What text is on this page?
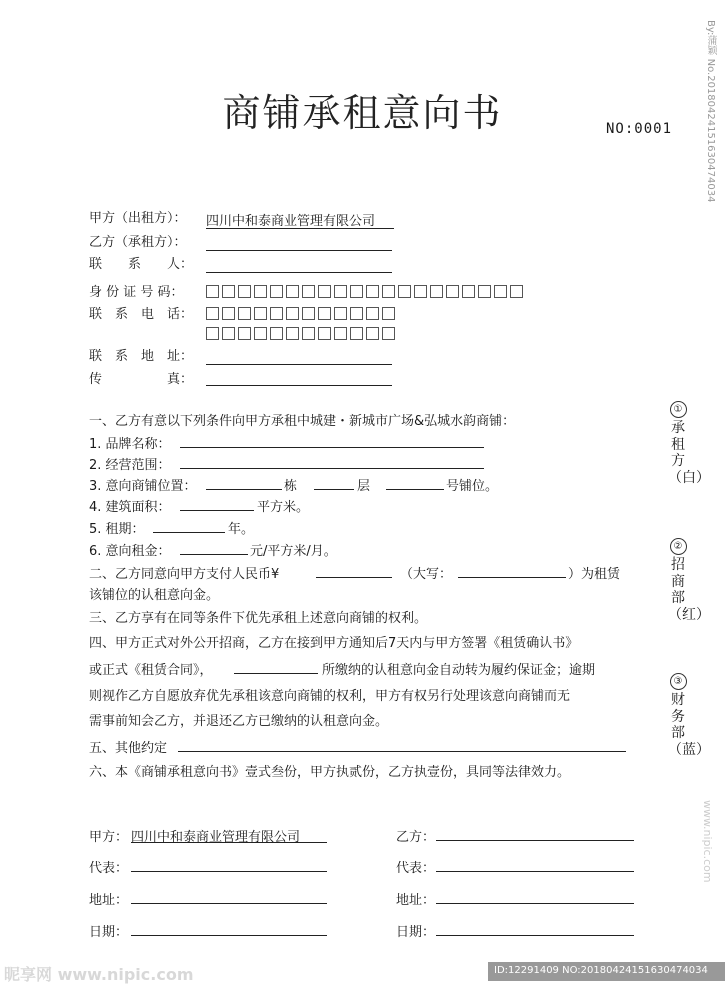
商铺承租意向书	NO:0001
甲方（出租方）： 四川中和泰商业管理有限公司
乙方（承租方）：
联　　系　　人：
身 份 证 号 码：
联　系　电　话：
联　系　地　址：
传　　　　　真：
一、乙方有意以下列条件向甲方承租中城建・新城市广场&弘城水韵商铺：
1. 品牌名称：
2. 经营范围：
3. 意向商铺位置：	栋	层	号铺位。
4. 建筑面积：	平方米。
5. 租期：	年。
6. 意向租金：	元/平方米/月。
二、乙方同意向甲方支付人民币¥	（大写：	）为租赁
该铺位的认租意向金。
三、乙方享有在同等条件下优先承租上述意向商铺的权利。
四、甲方正式对外公开招商，乙方在接到甲方通知后7天内与甲方签署《租赁确认书》
或正式《租赁合同》，	所缴纳的认租意向金自动转为履约保证金；逾期
则视作乙方自愿放弃优先承租该意向商铺的权利，甲方有权另行处理该意向商铺而无
需事前知会乙方，并退还乙方已缴纳的认租意向金。
五、其他约定
六、本《商铺承租意向书》壹式叁份，甲方执贰份，乙方执壹份，具同等法律效力。
甲方： 四川中和泰商业管理有限公司	乙方：
代表：	代表：
地址：	地址：
日期：	日期：
①
承租方（白）
②
招商部（红）
③
财务部（蓝）
By:蒲颖 No.20180424151630474034
www.nipic.com
昵享网 www.nipic.com	ID:12291409 NO:20180424151630474034
